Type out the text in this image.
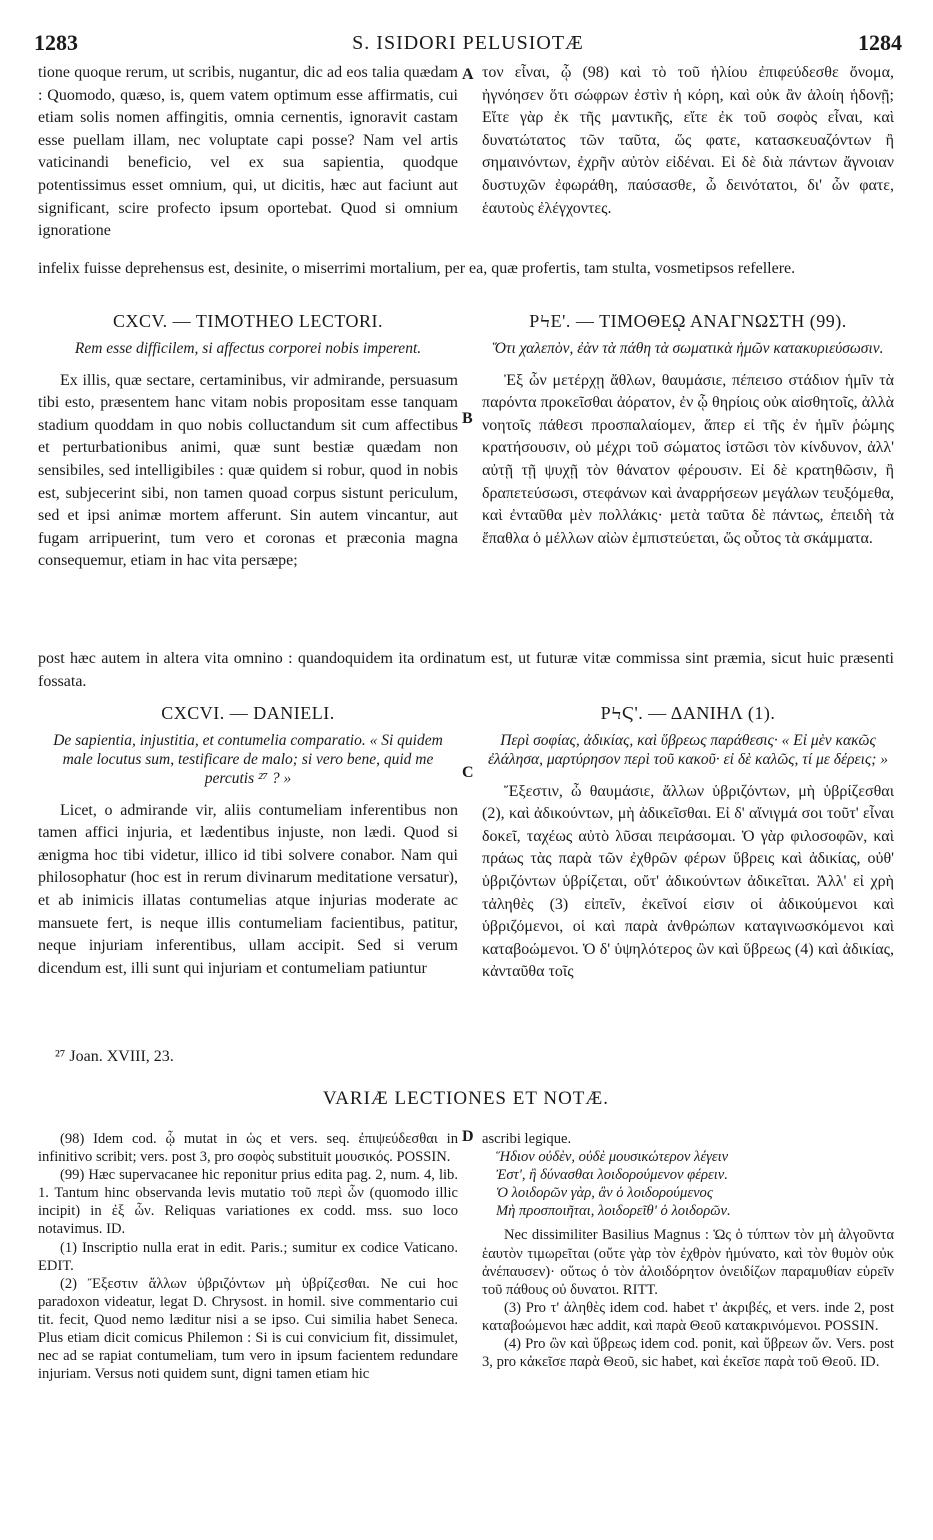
1283	S. ISIDORI PELUSIOTÆ	1284
A
B
C
D

tione quoque rerum, ut scribis, nugantur, dic ad eos talia quædam : Quomodo, quæso, is, quem vatem optimum esse affirmatis, cui etiam solis nomen affingitis, omnia cernentis, ignoravit castam esse puellam illam, nec voluptate capi posse? Nam vel artis vaticinandi beneficio, vel ex sua sapientia, quodque potentissimus esset omnium, qui, ut dicitis, hæc aut faciunt aut significant, scire profecto ipsum oportebat. Quod si omnium ignoratione

τον εἶναι, ᾧ (98) καὶ τὸ τοῦ ἡλίου ἐπιφεύδεσθε ὄνομα, ἠγνόησεν ὅτι σώφρων ἐστὶν ἡ κόρη, καὶ οὐκ ἂν ἁλοίη ἡδονῇ; Εἴτε γὰρ ἐκ τῆς μαντικῆς, εἴτε ἐκ τοῦ σοφὸς εἶναι, καὶ δυνατώτατος τῶν ταῦτα, ὥς φατε, κατασκευαζόντων ἢ σημαινόντων, ἐχρῆν αὐτὸν εἰδέναι. Εἰ δὲ διὰ πάντων ἄγνοιαν δυστυχῶν ἐφωράθη, παύσασθε, ὦ δεινότατοι, δι' ὧν φατε, ἑαυτοὺς ἐλέγχοντες.

infelix fuisse deprehensus est, desinite, o miserrimi mortalium, per ea, quæ profertis, tam stulta, vosmetipsos refellere.

CXCV. — TIMOTHEO LECTORI.
Rem esse difficilem, si affectus corporei nobis imperent.

Ex illis, quæ sectare, certaminibus, vir admirande, persuasum tibi esto, præsentem hanc vitam nobis propositam esse tanquam stadium quoddam in quo nobis colluctandum sit cum affectibus et perturbationibus animi, quæ sunt bestiæ quædam non sensibiles, sed intelligibiles : quæ quidem si robur, quod in nobis est, subjecerint sibi, non tamen quoad corpus sistunt periculum, sed et ipsi animæ mortem afferunt. Sin autem vincantur, aut fugam arripuerint, tum vero et coronas et præconia magna consequemur, etiam in hac vita persæpe;

ΡϞΕ'. — ΤΙΜΟΘΕῼ ΑΝΑΓΝΩΣΤΗ (99).
Ὅτι χαλεπὸν, ἐὰν τὰ πάθη τὰ σωματικὰ ἡμῶν κατακυριεύσωσιν.

Ἐξ ὧν μετέρχῃ ἄθλων, θαυμάσιε, πέπεισο στάδιον ἡμῖν τὰ παρόντα προκεῖσθαι ἀόρατον, ἐν ᾧ θηρίοις οὐκ αἰσθητοῖς, ἀλλὰ νοητοῖς πάθεσι προσπαλαίομεν, ἅπερ εἰ τῆς ἐν ἡμῖν ῥώμης κρατήσουσιν, οὐ μέχρι τοῦ σώματος ἱστῶσι τὸν κίνδυνον, ἀλλ' αὐτῇ τῇ ψυχῇ τὸν θάνατον φέρουσιν. Εἰ δὲ κρατηθῶσιν, ἢ δραπετεύσωσι, στεφάνων καὶ ἀναρρήσεων μεγάλων τευξόμεθα, καὶ ἐνταῦθα μὲν πολλάκις· μετὰ ταῦτα δὲ πάντως, ἐπειδὴ τὰ ἔπαθλα ὁ μέλλων αἰὼν ἐμπιστεύεται, ὥς οὗτος τὰ σκάμματα.

post hæc autem in altera vita omnino : quandoquidem ita ordinatum est, ut futuræ vitæ commissa sint præmia, sicut huic præsenti fossata.

CXCVI. — DANIELI.
De sapientia, injustitia, et contumelia comparatio. « Si quidem male locutus sum, testificare de malo; si vero bene, quid me percutis ²⁷ ? »

Licet, o admirande vir, aliis contumeliam inferentibus non tamen affici injuria, et lædentibus injuste, non lædi. Quod si ænigma hoc tibi videtur, illico id tibi solvere conabor. Nam qui philosophatur (hoc est in rerum divinarum meditatione versatur), et ab inimicis illatas contumelias atque injurias moderate ac mansuete fert, is neque illis contumeliam facientibus, patitur, neque injuriam inferentibus, ullam accipit. Sed si verum dicendum est, illi sunt qui injuriam et contumeliam patiuntur

ΡϞϚ'. — ΔΑΝΙΗΛ (1).
Περὶ σοφίας, ἀδικίας, καὶ ὕβρεως παράθεσις· « Εἰ μὲν κακῶς ἐλάλησα, μαρτύρησον περὶ τοῦ κακοῦ· εἰ δὲ καλῶς, τί με δέρεις; »

Ἔξεστιν, ὦ θαυμάσιε, ἄλλων ὑβριζόντων, μὴ ὑβρίζεσθαι (2), καὶ ἀδικούντων, μὴ ἀδικεῖσθαι. Εἰ δ' αἴνιγμά σοι τοῦτ' εἶναι δοκεῖ, ταχέως αὐτὸ λῦσαι πειράσομαι. Ὁ γὰρ φιλοσοφῶν, καὶ πράως τὰς παρὰ τῶν ἐχθρῶν φέρων ὕβρεις καὶ ἀδικίας, οὐθ' ὑβριζόντων ὑβρίζεται, οὔτ' ἀδικούντων ἀδικεῖται. Ἀλλ' εἰ χρὴ τἀληθὲς (3) εἰπεῖν, ἐκεῖνοί εἰσιν οἱ ἀδικούμενοι καὶ ὑβριζόμενοι, οἱ καὶ παρὰ ἀνθρώπων καταγινωσκόμενοι καὶ καταβοώμενοι. Ὁ δ' ὑψηλότερος ὢν καὶ ὕβρεως (4) καὶ ἀδικίας, κἀνταῦθα τοῖς

²⁷ Joan. XVIII, 23.
VARIÆ LECTIONES ET NOTÆ.

(98) Idem cod. ᾧ mutat in ὡς et vers. seq. ἐπιψεύδεσθαι in infinitivo scribit; vers. post 3, pro σοφὸς substituit μουσικός. POSSIN.

(99) Hæc supervacanee hic reponitur prius edita pag. 2, num. 4, lib. 1. Tantum hinc observanda levis mutatio τοῦ περὶ ὧν (quomodo illic incipit) in ἐξ ὧν. Reliquas variationes ex codd. mss. suo loco notavimus. ID.

(1) Inscriptio nulla erat in edit. Paris.; sumitur ex codice Vaticano. EDIT.

(2) Ἔξεστιν ἄλλων ὑβριζόντων μὴ ὑβρίζεσθαι. Ne cui hoc paradoxon videatur, legat D. Chrysost. in homil. sive commentario cui tit. fecit, Quod nemo læditur nisi a se ipso. Cui similia habet Seneca. Plus etiam dicit comicus Philemon : Si is cui convicium fit, dissimulet, nec ad se rapiat contumeliam, tum vero in ipsum facientem redundare injuriam. Versus noti quidem sunt, digni tamen etiam hic

ascribi legique.

Ἥδιον οὐδὲν, οὐδὲ μουσικώτερον λέγειν
Ἐστ', ἢ δύνασθαι λοιδορούμενον φέρειν.
Ὁ λοιδορῶν γὰρ, ἂν ὁ λοιδορούμενος
Μὴ προσποιῆται, λοιδορεῖθ' ὁ λοιδορῶν.

Nec dissimiliter Basilius Magnus : Ὡς ὁ τύπτων τὸν μὴ ἀλγοῦντα ἑαυτὸν τιμωρεῖται (οὔτε γὰρ τὸν ἐχθρὸν ἠμύνατο, καὶ τὸν θυμὸν οὐκ ἀνέπαυσεν)· οὕτως ὁ τὸν ἀλοιδόρητον ὀνειδίζων παραμυθίαν εὑρεῖν τοῦ πάθους οὐ δυνατοι. RITT.

(3) Pro τ' ἀληθὲς idem cod. habet τ' ἀκριβές, et vers. inde 2, post καταβοώμενοι hæc addit, καὶ παρὰ Θεοῦ κατακρινόμενοι. POSSIN.

(4) Pro ὢν καὶ ὕβρεως idem cod. ponit, καὶ ὕβρεων ὤν. Vers. post 3, pro κἀκεῖσε παρὰ Θεοῦ, sic habet, καὶ ἐκεῖσε παρὰ τοῦ Θεοῦ. ID.
